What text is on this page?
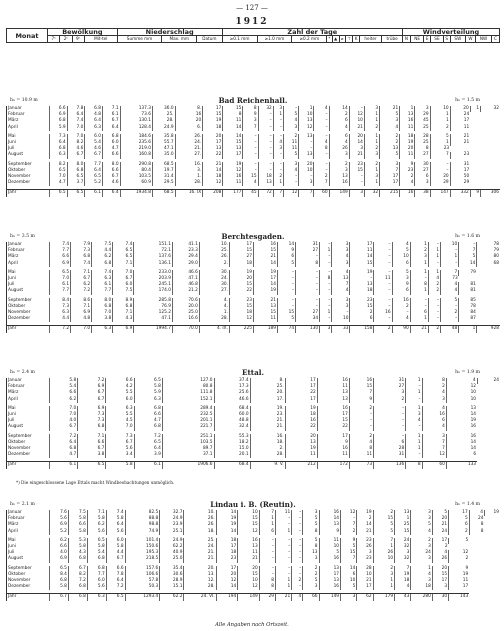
— 127 —
1912
Monat	Bewölkung				Niederschlag			Zahl der Tage										Windverteilung								
	7ʰ	2ʰ	9ʰ	Mit-tel	Summe mm	Max. mm	Datum	≥0.1 mm	≥1.0 mm	≥0.2 mm	*	▲	⌀	⊤	K	heiter	trübe	N	NE	E	SE	S	SW	W	NW	C
Bad Reichenhall.
hₙ = 10.9 m	hₙ = 1.5 m
Januar	6.6	7.8	6.8	7.1	137.3	36.0	8.	17	15	8	32	3	–	1	4	14	–	3	21	1	3	10	20	1	32
Februar	6.9	6.4	4.8	6.1	73.6	25.	16	15	8	9	–	1	5	10	–	2	12	1	5	13	29	1	24		
März	6.8	7.4	6.4	6.7	130.1	28.	20	19	11	3	–	–	4	13	–	6	10	1	3	16	45	1	17		
April	5.9	7.0	6.3	6.4	128.4	24.9	6.	18	14	7	–	–	3	12	–	4	21	2	4	11	25	2	11		

Mai	7.3	7.0	6.0	6.8	184.6	35.8	26.	20	14	–	–	–	2	13	–	6	20	1	2	18	28	5	21		
Juni	6.4	8.2	5.4	6.0	235.6	55.7	24.	17	15	–	–	4	11	–	4	4	14	1	2	19	25	1	21		
Juli	6.8	4.6	4.6	4.7	219.0	47.1	21.	13	13	–	–	3	11	–	8	26	3	2	13	20	8	23			
August	6.3	6.7	6.7	6.6	160.8	35.0	27.	22	17	–	–	–	5	13	–	3	21	3	5	11	27	7	23		

September	8.2	8.0	7.7	8.0	290.8	68.5	16.	21	19	–	–	–	3	20	–	2	23	2	3	9	30	–	31		
Oktober	6.5	6.8	6.4	6.6	80.4	19.7	3.	14	12	–	–	–	4	10	–	3	15	1	7	23	27	–	17		
November	7.0	6.5	6.5	6.7	103.5	31.4	1.	18	16	15	18	2	–	–	2	13	–	3	17	2	6	20	50		
Dezember	4.7	3.7	5.2	4.6	60.9	29.5	28.	12	11	4	13	1	–	3	7	16	–	1	17	4	3	29	29		

Jahr	6.5	6.5	6.1	6.4	1934.8	68.5	16. IX	208	177	45	72	7	12	7	60	149	3	32	215	16	38	147	332	9	306
Berchtesgaden.
hₙ = 3.5 m	hₙ = 1.6 m
Januar	7.4	7.9	7.5	7.4	151.1	41.1	10.	17	16	14	31	–	3	17	–	4	1	–	10	–	78
Februar	7.7	7.3	4.4	6.5	72.1	23.3	25.	15	15	9	27	1	3	11	–	5	2	1	–	7	79
März	6.6	6.8	6.2	6.5	137.6	29.4	26.	27	21	6	–	–	4	14	–	10	3	1	1	5	80
April	6.9	7.4	6.8	7.1	136.1	29.0	2.	18	14	5	8	–	3	15	–	6	1	–	–	14	68

Mai	6.5	7.1	7.4	7.0	233.0	46.6	30.	19	19	–	–	–	4	19	–	5	1	1	7	79	
Juni	7.0	6.7	6.3	6.7	203.9	47.1	24.	20	17	–	–	8	13	–	11	3	–	4	73		
Juli	6.1	6.2	6.1	6.0	245.1	46.8	30.	15	14	–	–	–	7	13	–	9	8	2	4	81	
August	7.7	7.2	7.7	7.5	174.0	21.2	27.	22	19	–	–	–	4	18	–	6	1	2	4	81	

September	8.4	8.6	8.0	8.9	285.8	70.6	4.	23	21	–	–	–	3	23	–	16	–	–	5	85	
Oktober	7.3	7.1	6.8	6.8	76.9	20.0	4.	15	13	–	–	–	3	15	–	2	–	–	–	78	
November	6.3	6.9	7.0	7.1	125.2	25.0	1.	18	15	15	27	1	–	2	16	–	6	–	2	84	
Dezember	4.4	4.8	3.8	4.3	47.1	16.6	28.	12	11	5	34	–	10	6	–	4	1	–	–	87	

Jahr	7.2	7.0	6.3	6.9	1994.7	70.0	4. IX.	225	189	74	130	3	33	158	2	90	21	2	48	1	928
Ettal.
hₙ = 2.4 m	hₙ = 1.9 m
Januar	5.8	7.2	6.6	6.5	127.0	37.4	8.	17	16	16	31	1	8	4	24
Februar	5.4	6.9	4.2	5.8	80.8	17.3	25.	17	11	15	27	–	2	12	
März	6.6	6.7	5.5	5.9	111.8	25.6	20.	22	13	7	3	1	4	10	
April	6.2	6.7	6.0	6.3	152.1	46.6	17.	17	13	9	2	–	3	10	

Mai	7.0	6.9	6.3	6.8	289.4	68.4	19.	19	16	2	–	1	4	13	
Juni	7.0	7.3	5.5	6.6	232.5	60.0	23.	18	17	–	–	3	16	14	
Juli	4.0	7.3	4.5	4.7	201.1	48.8	21.	16	15	–	–	4	6	19	
August	6.7	6.8	7.0	6.8	221.7	32.4	21.	22	22	–	–	–	4	16	

September	7.2	7.1	7.3	7.2	251.1	55.3	16.	20	17	2	–	1	3	16	
Oktober	6.4	6.6	6.7	6.5	103.5	18.2	18.	13	9	4	6	1	7	14	
November	6.8	6.7	5.6	6.4	89.7	15.0	2.	19	16	8	28	1	7	14	
Dezember	4.7	3.8	3.4	3.9	37.1	20.1	28.	11	11	11	31	–	12	6	

Jahr	6.1	6.5	5.8	6.1	1906.6	68.4	9. V.	212	172	73	136	8	60	133	
*) Die eingeschlossene Lage Ettals macht Windbeobachtungen unmöglich.
Lindau i. B. (Reutin).
hₙ = 2.1 m	hₙ = 1.4 m
Januar	7.6	7.5	7.1	7.4	82.5	32.7	10.	14	10	7	11	–	3	16	12	19	2	13	3	5	17	4	19
Februar	5.6	5.8	5.8	5.8	88.8	24.9	26.	19	15	1	–	–	5	14	–	2	15	1	3	20	5	24	
März	6.9	6.6	6.2	6.4	98.8	23.9	26.	19	15	1	–	–	5	13	7	14	5	25	5	21	6	8	
April	5.2	5.8	5.6	5.6	74.9	25.1	18.	14	12	6	1	–	8	9	2	21	5	15	4	24	2	8	

Mai	6.2	5.3	6.5	6.0	101.4	24.9	25.	18	16	–	–	–	5	11	9	23	7	24	2	17	5		
Juni	6.6	5.8	5.8	5.8	150.6	62.2	24.	17	13	–	–	–	8	10	5	26	1	32	3	2			
Juli	4.0	4.3	5.4	4.4	195.3	40.9	21.	18	11	–	–	–	13	5	15	3	26	3	24	4	12		
August	6.9	6.8	6.8	6.7	218.5	25.0	21.	23	21	–	–	–	3	16	7	23	10	32	3	26	2		

September	6.5	6.7	6.8	6.6	157.6	35.4	20.	17	20	–	–	–	2	13	14	28	2	7	1	20	9		
Oktober	8.4	8.2	7.7	7.8	106.6	30.6	13.	20	15	–	–	–	2	17	6	10	3	19	4	15	19		
November	6.8	7.2	6.0	6.4	57.8	28.9	12.	12	10	8	1	2	5	13	10	21	1	18	3	17	11		
Dezember	5.8	6.8	5.6	7.2	50.3	15.1	28.	14	12	8	1	–	3	16	5	17	1	4	18	3	17		

Jahr	6.7	6.8	6.3	6.5	1293.4	62.2	24. VI.	194	149	29	21	4	66	149	3	62	179	43	280	30	143		
Alle Angaben nach Ortszeit.
